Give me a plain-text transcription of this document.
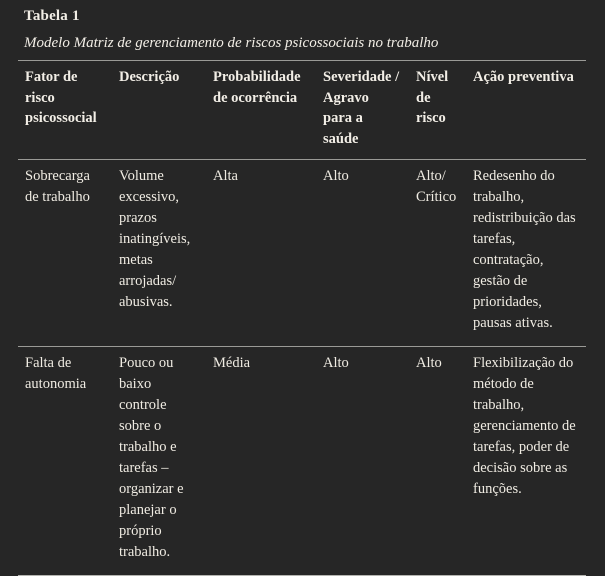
Tabela 1
Modelo Matriz de gerenciamento de riscos psicossociais no trabalho
Fator de risco psicossocial	Descrição	Probabilidade de ocorrência	Severidade / Agravo para a saúde	Nível de risco	Ação preventiva
Sobrecarga de trabalho	Volume excessivo, prazos inatingíveis, metas arrojadas/ abusivas.	Alta	Alto	Alto/ Crítico	Redesenho do trabalho, redistribuição das tarefas, contratação, gestão de prioridades, pausas ativas.
Falta de autonomia	Pouco ou baixo controle sobre o trabalho e tarefas – organizar e planejar o próprio trabalho.	Média	Alto	Alto	Flexibilização do método de trabalho, gerenciamento de tarefas, poder de decisão sobre as funções.
